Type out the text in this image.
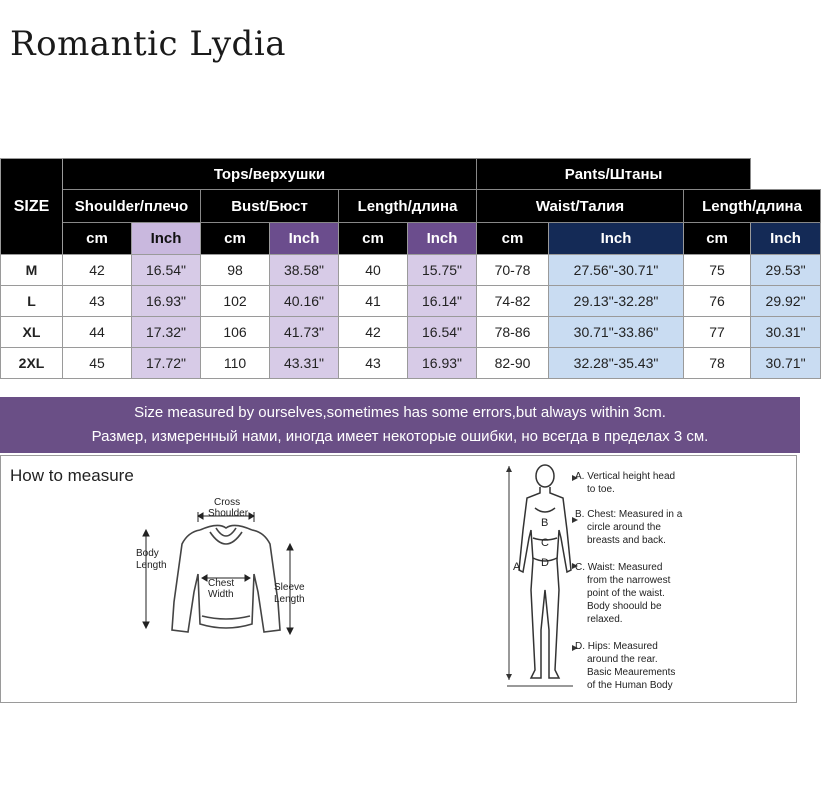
Romantic Lydia
SIZE	Tops/верхушки						Pants/Штаны			
	Shoulder/плечо		Bust/Бюст		Length/длина		Waist/Талия		Length/длина	
	cm	Inch	cm	Inch	cm	Inch	cm	Inch	cm	Inch
M	42	16.54"	98	38.58"	40	15.75"	70-78	27.56"-30.71"	75	29.53"
L	43	16.93"	102	40.16"	41	16.14"	74-82	29.13"-32.28"	76	29.92"
XL	44	17.32"	106	41.73"	42	16.54"	78-86	30.71"-33.86"	77	30.31"
2XL	45	17.72"	110	43.31"	43	16.93"	82-90	32.28"-35.43"	78	30.71"
Size measured by ourselves,sometimes has some errors,but always within 3cm.
Размер, измеренный нами, иногда имеет некоторые ошибки, но всегда в пределах 3 см.
How to measure
Cross
Shoulder
Body
Length
Chest
Width
Sleeve
Length
A
B
C
D
A. Vertical height head
to toe.
B. Chest: Measured in a
circle around the
breasts and back.
C. Waist: Measured
from the narrowest
point of the waist.
Body shoould be
relaxed.
D. Hips: Measured
around the rear.
Basic Meaurements
of the Human Body
